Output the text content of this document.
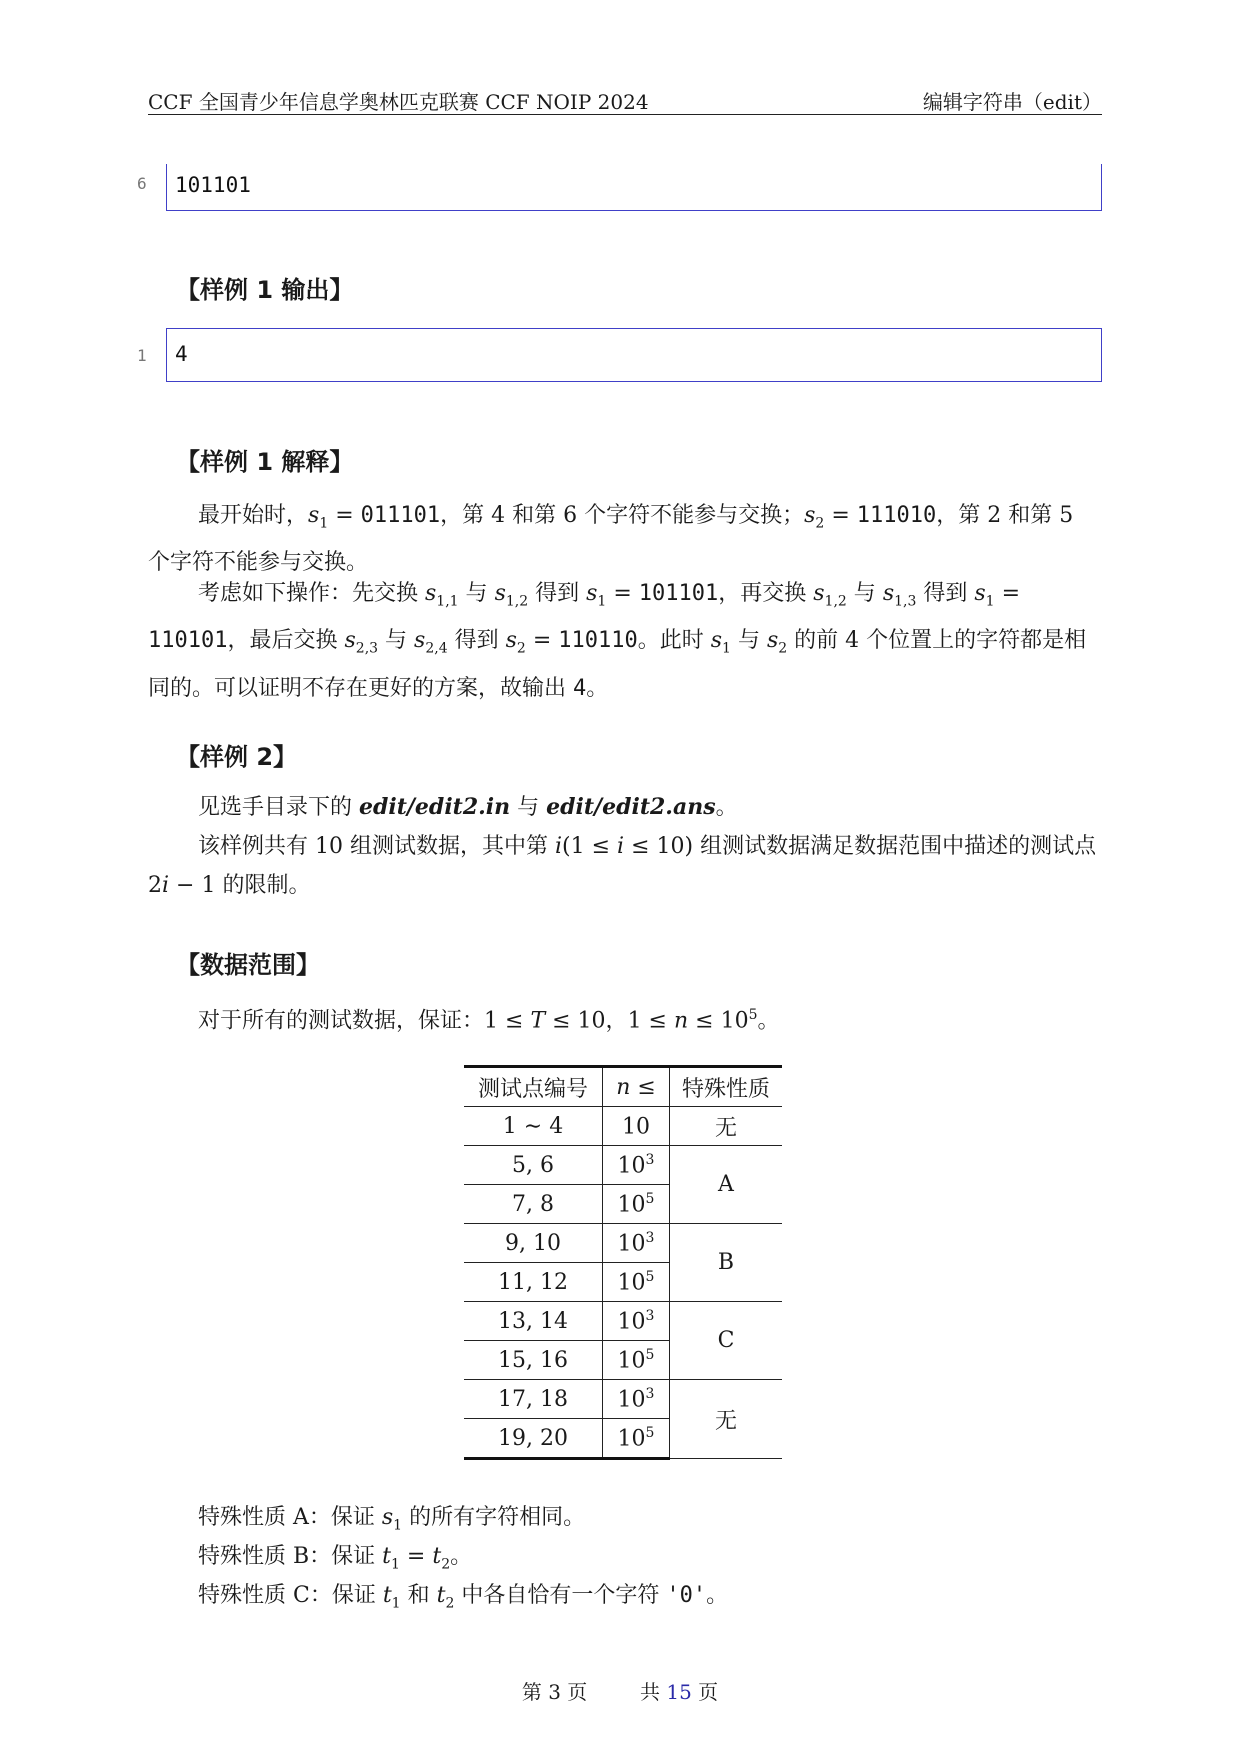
CCF 全国青少年信息学奥林匹克联赛 CCF NOIP 2024	编辑字符串（edit）
6 101101
【样例 1 输出】
1 4
【样例 1 解释】
最开始时，$s_1 = 011101$，第 4 和第 6 个字符不能参与交换；$s_2 = 111010$，第 2 和第 5 个字符不能参与交换。
考虑如下操作：先交换 $s_{1,1}$ 与 $s_{1,2}$ 得到 $s_1 = 101101$，再交换 $s_{1,2}$ 与 $s_{1,3}$ 得到 $s_1 = 110101$，最后交换 $s_{2,3}$ 与 $s_{2,4}$ 得到 $s_2 = 110110$。此时 $s_1$ 与 $s_2$ 的前 4 个位置上的字符都是相同的。可以证明不存在更好的方案，故输出 4。
【样例 2】
见选手目录下的 edit/edit2.in 与 edit/edit2.ans。
该样例共有 10 组测试数据，其中第 i(1 ≤ i ≤ 10) 组测试数据满足数据范围中描述的测试点 2i − 1 的限制。
【数据范围】
对于所有的测试数据，保证：1 ≤ T ≤ 10，$1 \le n \le 10^5$。
测试点编号	n ≤	特殊性质
1 ∼ 4	10	无
5, 6	$10^3$	A
7, 8	$10^5$
9, 10	$10^3$	B
11, 12	$10^5$
13, 14	$10^3$	C
15, 16	$10^5$
17, 18	$10^3$	无
19, 20	$10^5$
特殊性质 A：保证 $s_1$ 的所有字符相同。
特殊性质 B：保证 $t_1 = t_2$。
特殊性质 C：保证 $t_1$ 和 $t_2$ 中各自恰有一个字符 '0'。
第 3 页	共 15 页
